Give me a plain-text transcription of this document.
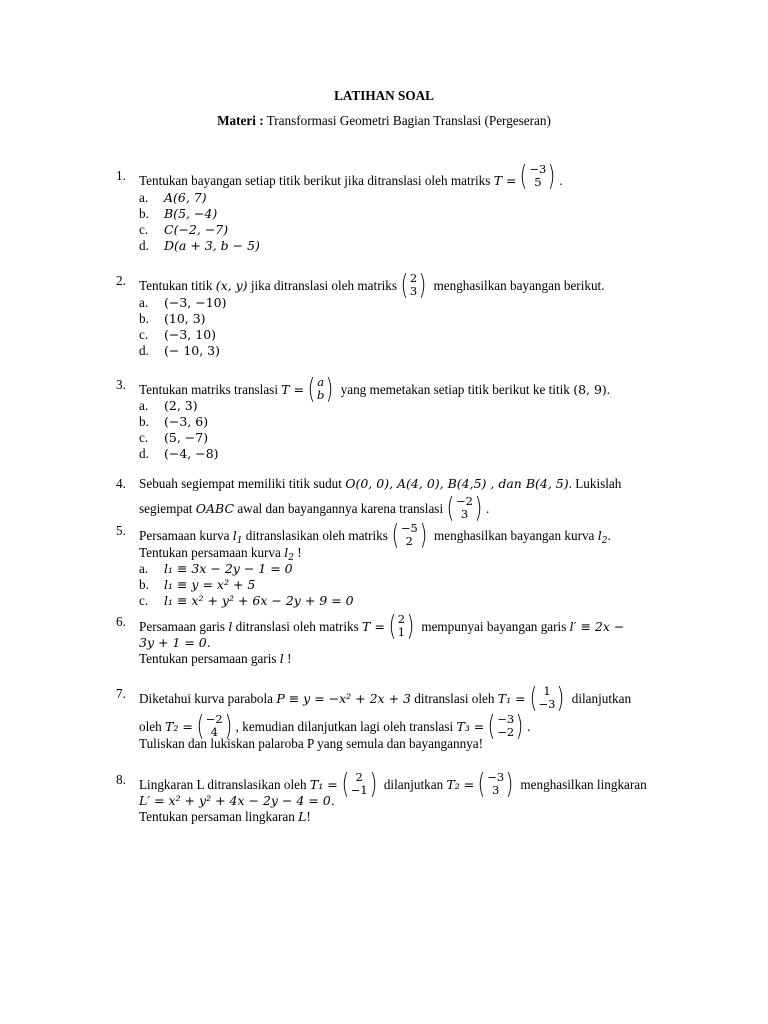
LATIHAN SOAL
Materi : Transformasi Geometri Bagian Translasi (Pergeseran)
1. Tentukan bayangan setiap titik berikut jika ditranslasi oleh matriks T = ( −3
5 ) .
a. A(6, 7)
b. B(5, −4)
c. C(−2, −7)
d. D(a + 3, b − 5)
2. Tentukan titik (x, y) jika ditranslasi oleh matriks ( 2
3 ) menghasilkan bayangan berikut.
a. (−3, −10)
b. (10, 3)
c. (−3, 10)
d. (− 10, 3)
3. Tentukan matriks translasi T = ( a
b ) yang memetakan setiap titik berikut ke titik (8, 9).
a. (2, 3)
b. (−3, 6)
c. (5, −7)
d. (−4, −8)
4. Sebuah segiempat memiliki titik sudut O(0, 0), A(4, 0), B(4,5) , dan B(4, 5). Lukislah
segiempat OABC awal dan bayangannya karena translasi ( −2
3 ) .
5. Persamaan kurva $l_1$ ditranslasikan oleh matriks ( −5
2 ) menghasilkan bayangan kurva $l_2$.
Tentukan persamaan kurva $l_2$ !
a. l₁ ≡ 3x − 2y − 1 = 0
b. l₁ ≡ y = x² + 5
c. l₁ ≡ x² + y² + 6x − 2y + 9 = 0
6. Persamaan garis l ditranslasi oleh matriks T = ( 2
1 ) mempunyai bayangan garis l′ ≡ 2x −
3y + 1 = 0.
Tentukan persamaan garis l !
7. Diketahui kurva parabola P ≡ y = −x² + 2x + 3 ditranslasi oleh T₁ = ( 1
−3 ) dilanjutkan
oleh T₂ = ( −2
4 ) , kemudian dilanjutkan lagi oleh translasi T₃ = ( −3
−2 ) .
Tuliskan dan lukiskan palaroba P yang semula dan bayangannya!
8. Lingkaran L ditranslasikan oleh T₁ = ( 2
−1 ) dilanjutkan T₂ = ( −3
3 ) menghasilkan lingkaran
L′ = x² + y² + 4x − 2y − 4 = 0.
Tentukan persaman lingkaran L!
